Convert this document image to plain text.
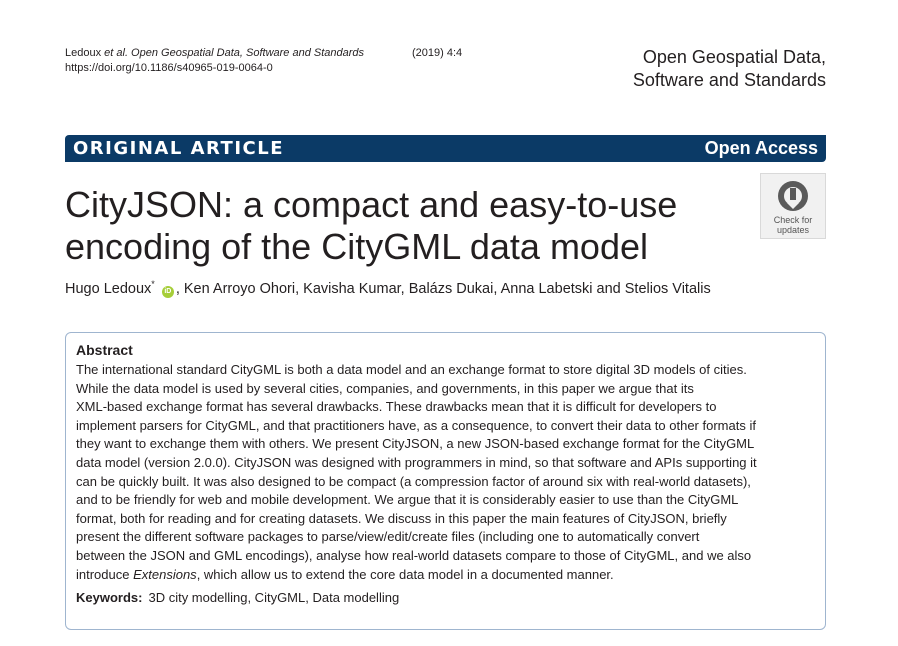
Ledoux et al. Open Geospatial Data, Software and Standards	(2019) 4:4
https://doi.org/10.1186/s40965-019-0064-0
Open Geospatial Data,
Software and Standards
ORIGINAL ARTICLE	Open Access
CityJSON: a compact and easy-to-use
encoding of the CityGML data model
Check for
updates
Hugo Ledoux* iD , Ken Arroyo Ohori, Kavisha Kumar, Balázs Dukai, Anna Labetski and Stelios Vitalis
Abstract
The international standard CityGML is both a data model and an exchange format to store digital 3D models of cities.
While the data model is used by several cities, companies, and governments, in this paper we argue that its
XML-based exchange format has several drawbacks. These drawbacks mean that it is difficult for developers to
implement parsers for CityGML, and that practitioners have, as a consequence, to convert their data to other formats if
they want to exchange them with others. We present CityJSON, a new JSON-based exchange format for the CityGML
data model (version 2.0.0). CityJSON was designed with programmers in mind, so that software and APIs supporting it
can be quickly built. It was also designed to be compact (a compression factor of around six with real-world datasets),
and to be friendly for web and mobile development. We argue that it is considerably easier to use than the CityGML
format, both for reading and for creating datasets. We discuss in this paper the main features of CityJSON, briefly
present the different software packages to parse/view/edit/create files (including one to automatically convert
between the JSON and GML encodings), analyse how real-world datasets compare to those of CityGML, and we also
introduce Extensions, which allow us to extend the core data model in a documented manner.
Keywords: 3D city modelling, CityGML, Data modelling
